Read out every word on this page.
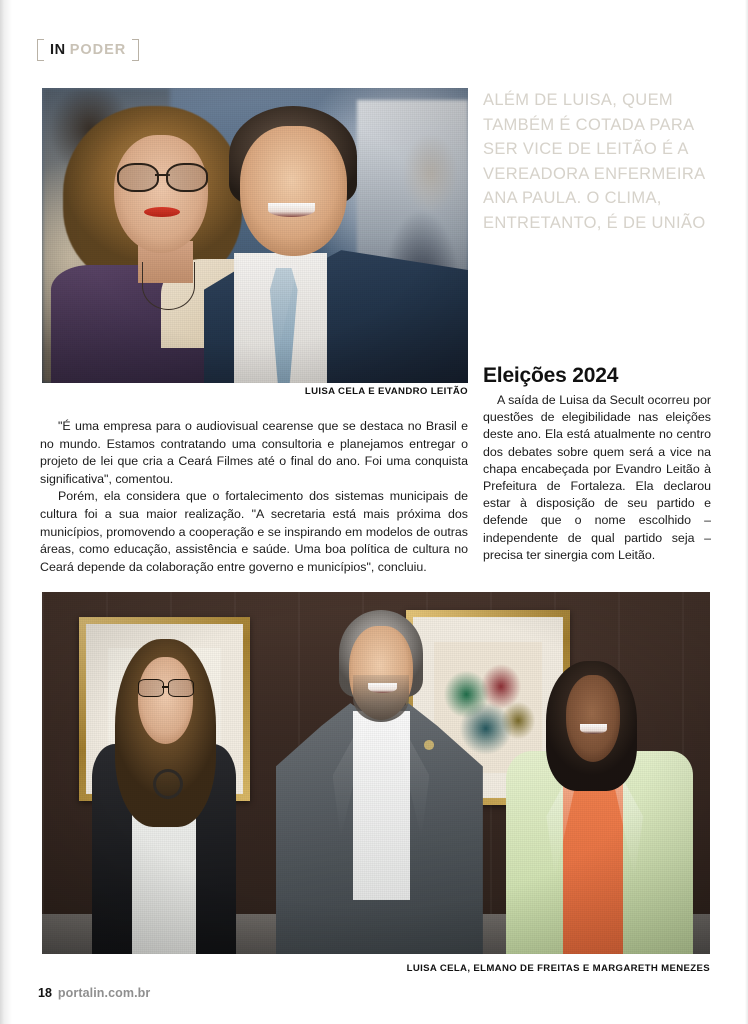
IN PODER
LUISA CELA E EVANDRO LEITÃO
ALÉM DE LUISA, QUEM TAMBÉM É COTADA PARA SER VICE DE LEITÃO É A VEREADORA ENFERMEIRA ANA PAULA. O CLIMA, ENTRETANTO, É DE UNIÃO
Eleições 2024
A saída de Luisa da Secult ocorreu por questões de elegibilidade nas eleições deste ano. Ela está atualmente no centro dos debates sobre quem será a vice na chapa encabeçada por Evandro Leitão à Prefeitura de Fortaleza. Ela declarou estar à disposição de seu partido e defende que o nome escolhido – independente de qual partido seja – precisa ter sinergia com Leitão.

"É uma empresa para o audiovisual cearense que se destaca no Brasil e no mundo. Estamos contratando uma consultoria e planejamos entregar o projeto de lei que cria a Ceará Filmes até o final do ano. Foi uma conquista significativa", comentou.

Porém, ela considera que o fortalecimento dos sistemas municipais de cultura foi a sua maior realização. "A secretaria está mais próxima dos municípios, promovendo a cooperação e se inspirando em modelos de outras áreas, como educação, assistência e saúde. Uma boa política de cultura no Ceará depende da colaboração entre governo e municípios", concluiu.

LUISA CELA, ELMANO DE FREITAS E MARGARETH MENEZES
18 portalin.com.br
